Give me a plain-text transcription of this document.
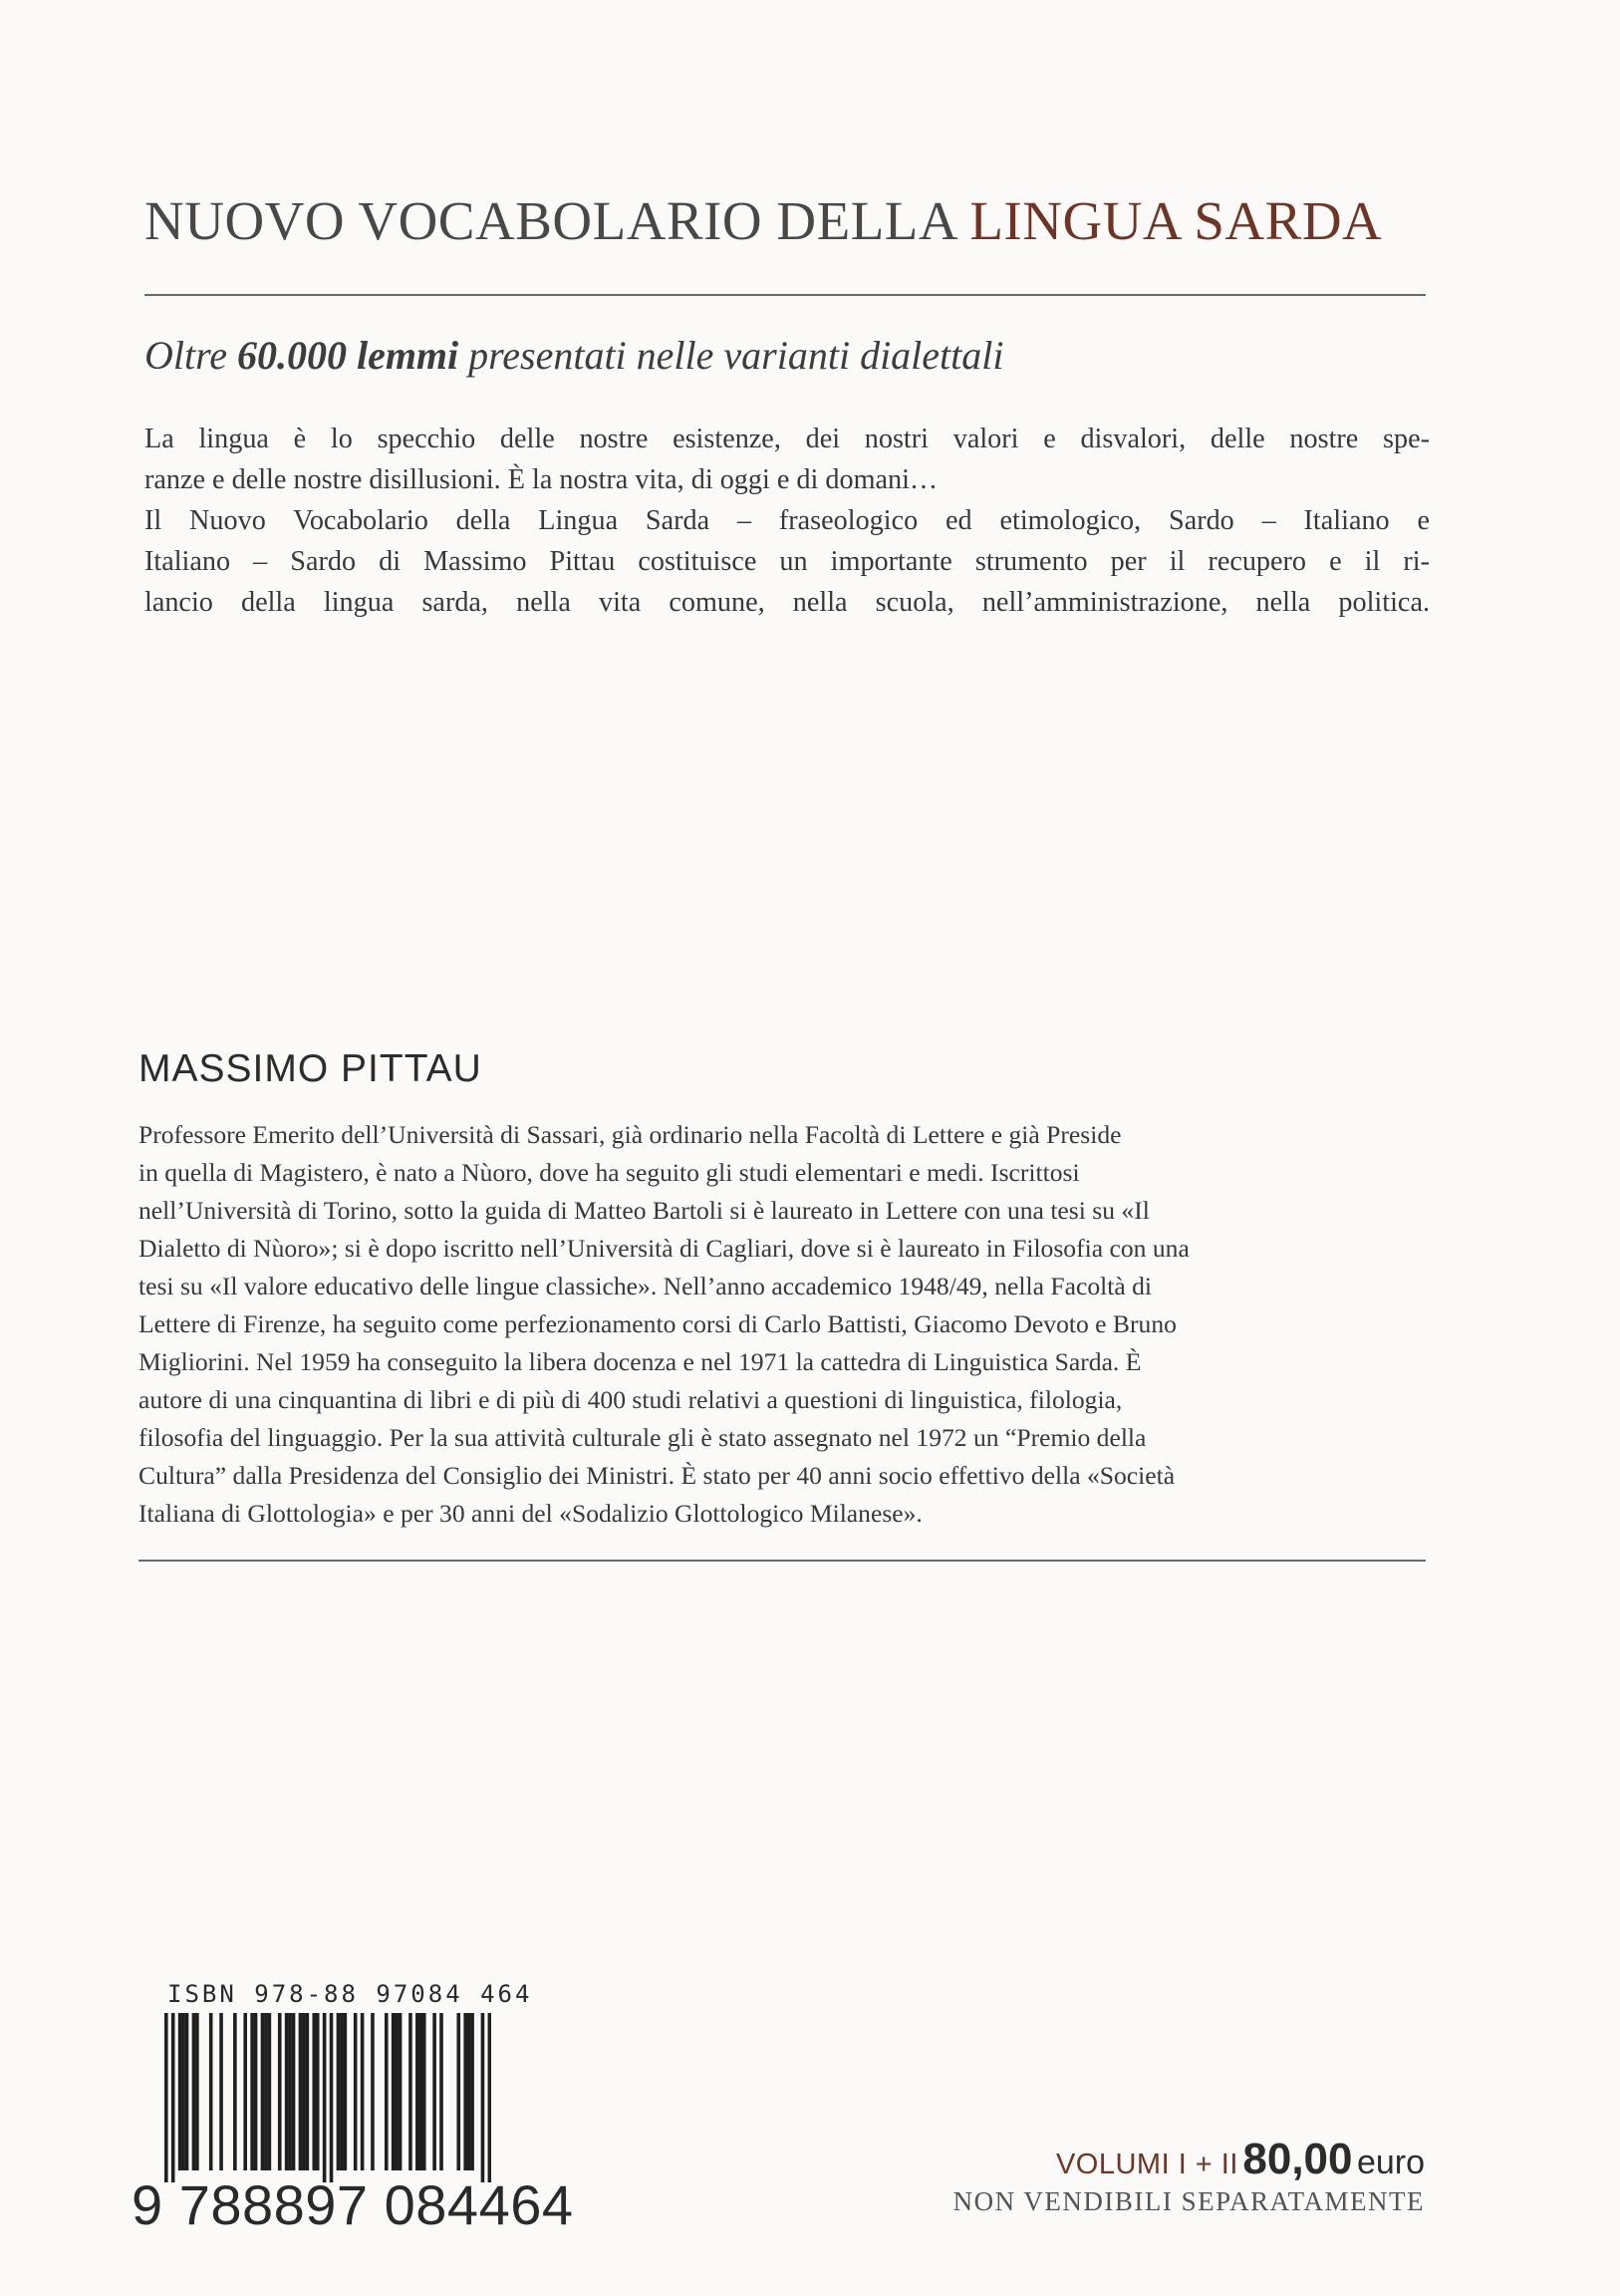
NUOVO VOCABOLARIO DELLA LINGUA SARDA
Oltre 60.000 lemmi presentati nelle varianti dialettali
La lingua è lo specchio delle nostre esistenze, dei nostri valori e disvalori, delle nostre spe-
ranze e delle nostre disillusioni. È la nostra vita, di oggi e di domani…
Il Nuovo Vocabolario della Lingua Sarda – fraseologico ed etimologico, Sardo – Italiano e
Italiano – Sardo di Massimo Pittau costituisce un importante strumento per il recupero e il ri-
lancio della lingua sarda, nella vita comune, nella scuola, nell’amministrazione, nella politica.
MASSIMO PITTAU
Professore Emerito dell’Università di Sassari, già ordinario nella Facoltà di Lettere e già Preside
in quella di Magistero, è nato a Nùoro, dove ha seguito gli studi elementari e medi. Iscrittosi
nell’Università di Torino, sotto la guida di Matteo Bartoli si è laureato in Lettere con una tesi su «Il
Dialetto di Nùoro»; si è dopo iscritto nell’Università di Cagliari, dove si è laureato in Filosofia con una
tesi su «Il valore educativo delle lingue classiche». Nell’anno accademico 1948/49, nella Facoltà di
Lettere di Firenze, ha seguito come perfezionamento corsi di Carlo Battisti, Giacomo Devoto e Bruno
Migliorini. Nel 1959 ha conseguito la libera docenza e nel 1971 la cattedra di Linguistica Sarda. È
autore di una cinquantina di libri e di più di 400 studi relativi a questioni di linguistica, filologia,
filosofia del linguaggio. Per la sua attività culturale gli è stato assegnato nel 1972 un “Premio della
Cultura” dalla Presidenza del Consiglio dei Ministri. È stato per 40 anni socio effettivo della «Società
Italiana di Glottologia» e per 30 anni del «Sodalizio Glottologico Milanese».
ISBN 978-88 97084 464
9 788897 084464
VOLUMI I + II 80,00 euro
NON VENDIBILI SEPARATAMENTE
